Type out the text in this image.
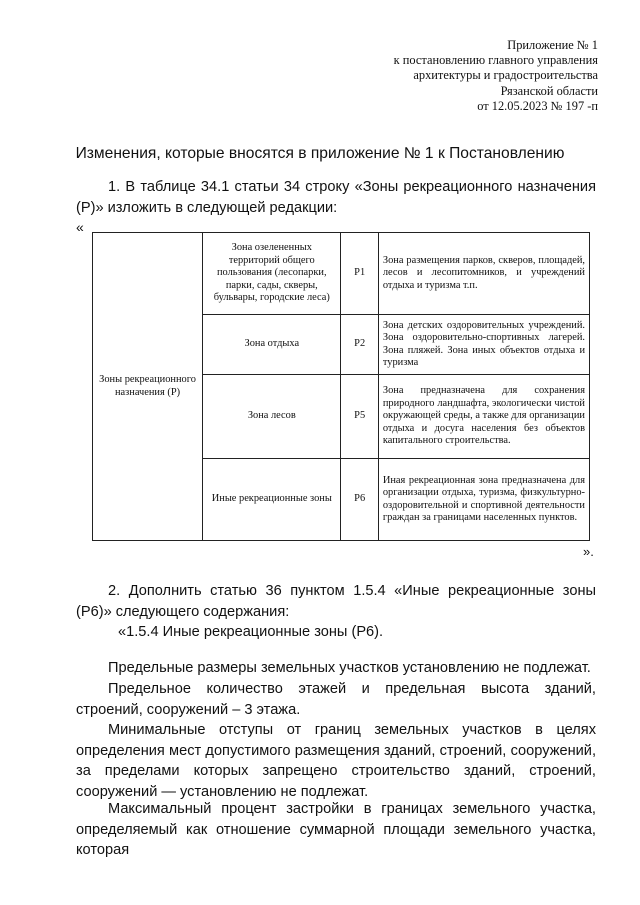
Приложение № 1
к постановлению главного управления
архитектуры и градостроительства
Рязанской области
от 12.05.2023 № 197 -п
Изменения, которые вносятся в приложение № 1 к Постановлению
1. В таблице 34.1 статьи 34 строку «Зоны рекреационного назначения (Р)» изложить в следующей редакции:
«
Зоны рекреационного назначения (Р)	Зона озелененных территорий общего пользования (лесопарки, парки, сады, скверы, бульвары, городские леса)	Р1	Зона размещения парков, скверов, площадей, лесов и лесопитомников, и учреждений отдыха и туризма т.п.
	Зона отдыха	Р2	Зона детских оздоровительных учреждений. Зона оздоровительно-спортивных лагерей. Зона пляжей. Зона иных объектов отдыха и туризма
	Зона лесов	Р5	Зона предназначена для сохранения природного ландшафта, экологически чистой окружающей среды, а также для организации отдыха и досуга населения без объектов капитального строительства.
	Иные рекреационные зоны	Р6	Иная рекреационная зона предназначена для организации отдыха, туризма, физкультурно-оздоровительной и спортивной деятельности граждан за границами населенных пунктов.
».
2. Дополнить статью 36 пунктом 1.5.4 «Иные рекреационные зоны (Р6)» следующего содержания:
«1.5.4 Иные рекреационные зоны (Р6).
Предельные размеры земельных участков установлению не подлежат.
Предельное количество этажей и предельная высота зданий, строений, сооружений – 3 этажа.
Минимальные отступы от границ земельных участков в целях определения мест допустимого размещения зданий, строений, сооружений, за пределами которых запрещено строительство зданий, строений, сооружений — установлению не подлежат.
Максимальный процент застройки в границах земельного участка, определяемый как отношение суммарной площади земельного участка, которая
